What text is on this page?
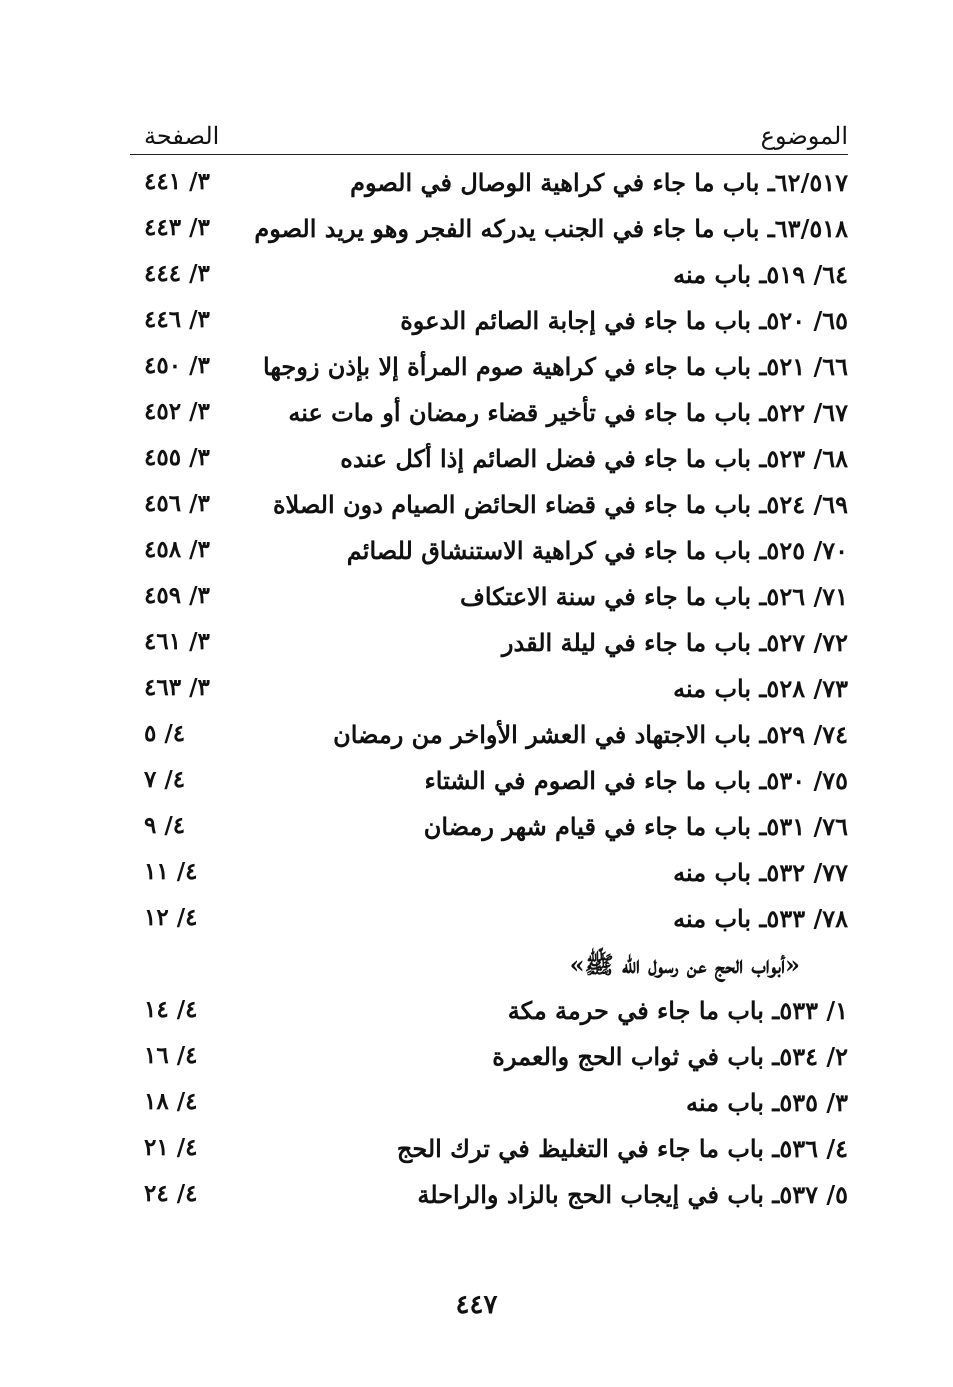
الموضوع
الصفحة
٦٢/٥١٧ـ باب ما جاء في كراهية الوصال في الصوم
٣/ ٤٤١
٦٣/٥١٨ـ باب ما جاء في الجنب يدركه الفجر وهو يريد الصوم
٣/ ٤٤٣
٦٤/ ٥١٩ـ باب منه
٣/ ٤٤٤
٦٥/ ٥٢٠ـ باب ما جاء في إجابة الصائم الدعوة
٣/ ٤٤٦
٦٦/ ٥٢١ـ باب ما جاء في كراهية صوم المرأة إلا بإذن زوجها
٣/ ٤٥٠
٦٧/ ٥٢٢ـ باب ما جاء في تأخير قضاء رمضان أو مات عنه
٣/ ٤٥٢
٦٨/ ٥٢٣ـ باب ما جاء في فضل الصائم إذا أكل عنده
٣/ ٤٥٥
٦٩/ ٥٢٤ـ باب ما جاء في قضاء الحائض الصيام دون الصلاة
٣/ ٤٥٦
٧٠/ ٥٢٥ـ باب ما جاء في كراهية الاستنشاق للصائم
٣/ ٤٥٨
٧١/ ٥٢٦ـ باب ما جاء في سنة الاعتكاف
٣/ ٤٥٩
٧٢/ ٥٢٧ـ باب ما جاء في ليلة القدر
٣/ ٤٦١
٧٣/ ٥٢٨ـ باب منه
٣/ ٤٦٣
٧٤/ ٥٢٩ـ باب الاجتهاد في العشر الأواخر من رمضان
٤/ ٥
٧٥/ ٥٣٠ـ باب ما جاء في الصوم في الشتاء
٤/ ٧
٧٦/ ٥٣١ـ باب ما جاء في قيام شهر رمضان
٤/ ٩
٧٧/ ٥٣٢ـ باب منه
٤/ ١١
٧٨/ ٥٣٣ـ باب منه
٤/ ١٢
«أبواب الحج عن رسول الله ﷺ»
١/ ٥٣٣ـ باب ما جاء في حرمة مكة
٤/ ١٤
٢/ ٥٣٤ـ باب في ثواب الحج والعمرة
٤/ ١٦
٣/ ٥٣٥ـ باب منه
٤/ ١٨
٤/ ٥٣٦ـ باب ما جاء في التغليظ في ترك الحج
٤/ ٢١
٥/ ٥٣٧ـ باب في إيجاب الحج بالزاد والراحلة
٤/ ٢٤
٤٤٧
